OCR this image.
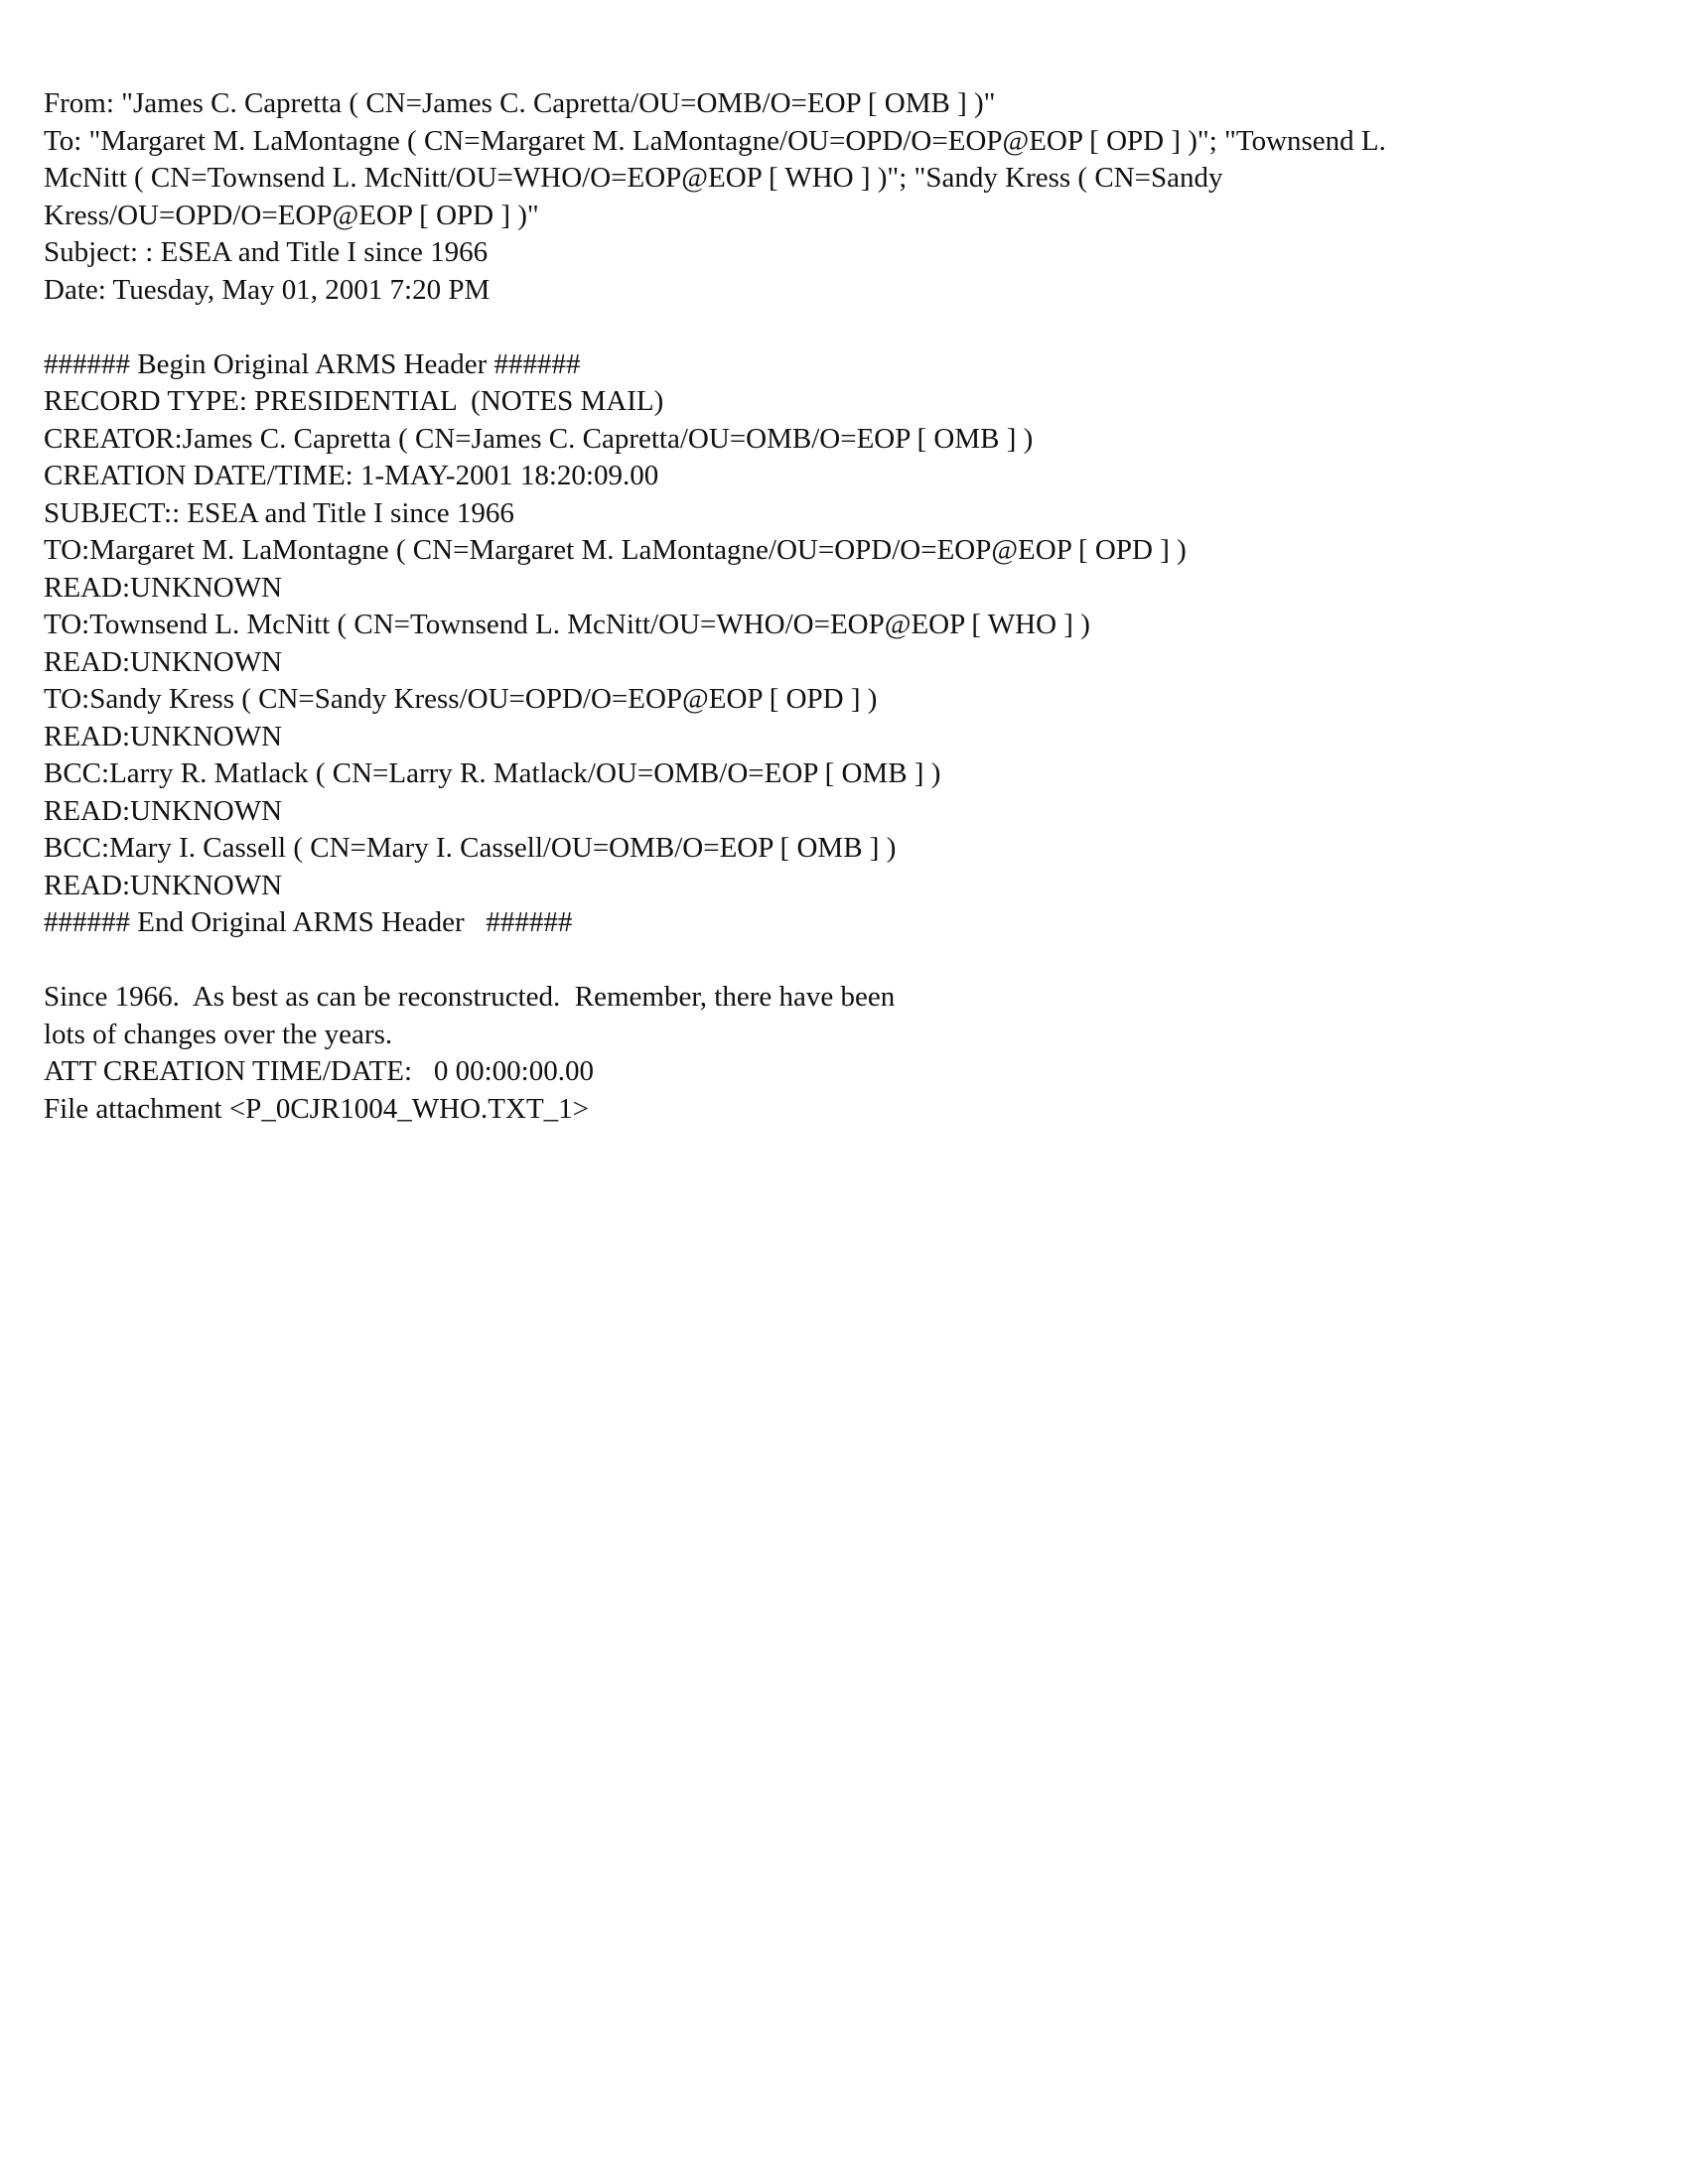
From: "James C. Capretta ( CN=James C. Capretta/OU=OMB/O=EOP [ OMB ] )"
To: "Margaret M. LaMontagne ( CN=Margaret M. LaMontagne/OU=OPD/O=EOP@EOP [ OPD ] )"; "Townsend L.
McNitt ( CN=Townsend L. McNitt/OU=WHO/O=EOP@EOP [ WHO ] )"; "Sandy Kress ( CN=Sandy
Kress/OU=OPD/O=EOP@EOP [ OPD ] )"
Subject: : ESEA and Title I since 1966
Date: Tuesday, May 01, 2001 7:20 PM
###### Begin Original ARMS Header ######
RECORD TYPE: PRESIDENTIAL  (NOTES MAIL)
CREATOR:James C. Capretta ( CN=James C. Capretta/OU=OMB/O=EOP [ OMB ] )
CREATION DATE/TIME: 1-MAY-2001 18:20:09.00
SUBJECT:: ESEA and Title I since 1966
TO:Margaret M. LaMontagne ( CN=Margaret M. LaMontagne/OU=OPD/O=EOP@EOP [ OPD ] )
READ:UNKNOWN
TO:Townsend L. McNitt ( CN=Townsend L. McNitt/OU=WHO/O=EOP@EOP [ WHO ] )
READ:UNKNOWN
TO:Sandy Kress ( CN=Sandy Kress/OU=OPD/O=EOP@EOP [ OPD ] )
READ:UNKNOWN
BCC:Larry R. Matlack ( CN=Larry R. Matlack/OU=OMB/O=EOP [ OMB ] )
READ:UNKNOWN
BCC:Mary I. Cassell ( CN=Mary I. Cassell/OU=OMB/O=EOP [ OMB ] )
READ:UNKNOWN
###### End Original ARMS Header   ######
Since 1966.  As best as can be reconstructed.  Remember, there have been
lots of changes over the years.
ATT CREATION TIME/DATE:   0 00:00:00.00
File attachment <P_0CJR1004_WHO.TXT_1>
